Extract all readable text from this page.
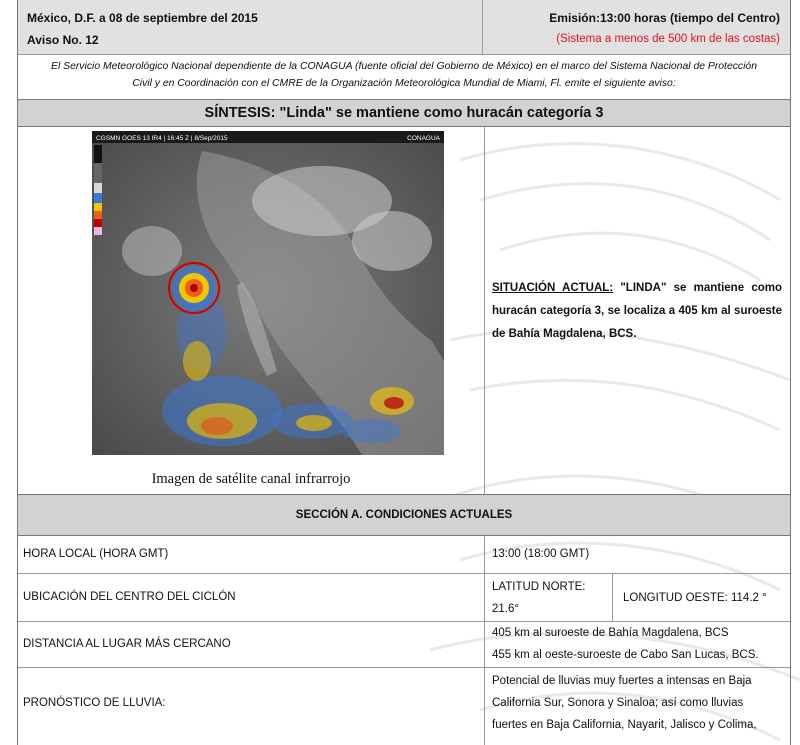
México, D.F. a 08 de septiembre del 2015
Aviso No. 12
Emisión:13:00 horas (tiempo del Centro)
(Sistema a menos de 500 km de las costas)
El Servicio Meteorológico Nacional dependiente de la CONAGUA (fuente oficial del Gobierno de México) en el marco del Sistema Nacional de Protección
Civil y en Coordinación con el CMRE de la Organización Meteorológica Mundial de Miami, Fl. emite el siguiente aviso:
SÍNTESIS: "Linda" se mantiene como huracán categoría 3
CGSMN GOES 13 IR4 | 16:45 Z | 8/Sep/2015	CONAGUA
Imagen de satélite canal infrarrojo
SITUACIÓN ACTUAL: "LINDA" se mantiene como huracán categoría 3, se localiza a 405 km al suroeste de Bahía Magdalena, BCS.
SECCIÓN A. CONDICIONES ACTUALES
HORA LOCAL (HORA GMT)	13:00 (18:00 GMT)
UBICACIÓN DEL CENTRO DEL CICLÓN
LATITUD NORTE:
21.6°
LONGITUD OESTE: 114.2 °
DISTANCIA AL LUGAR MÁS CERCANO
405 km al suroeste de Bahía Magdalena, BCS
455 km al oeste-suroeste de Cabo San Lucas, BCS.
PRONÓSTICO DE LLUVIA:
Potencial de lluvias muy fuertes a intensas en Baja
California Sur, Sonora y Sinaloa; así como lluvias
fuertes en Baja California, Nayarit, Jalisco y Colima,
